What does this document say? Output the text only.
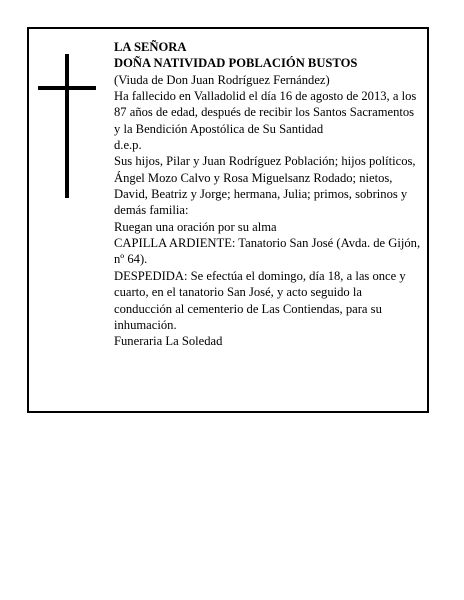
LA SEÑORA

DOÑA NATIVIDAD POBLACIÓN BUSTOS

(Viuda de Don Juan Rodríguez Fernández)

Ha fallecido en Valladolid el día 16 de agosto de 2013, a los 87 años de edad, después de recibir los Santos Sacramentos y la Bendición Apostólica de Su Santidad

d.e.p.

Sus hijos, Pilar y Juan Rodríguez Población; hijos políticos, Ángel Mozo Calvo y Rosa Miguelsanz Rodado; nietos, David, Beatriz y Jorge; hermana, Julia; primos, sobrinos y demás familia:

Ruegan una oración por su alma

CAPILLA ARDIENTE: Tanatorio San José (Avda. de Gijón, nº 64).

DESPEDIDA: Se efectúa el domingo, día 18, a las once y cuarto, en el tanatorio San José, y acto seguido la conducción al cementerio de Las Contiendas, para su inhumación.

Funeraria La Soledad
